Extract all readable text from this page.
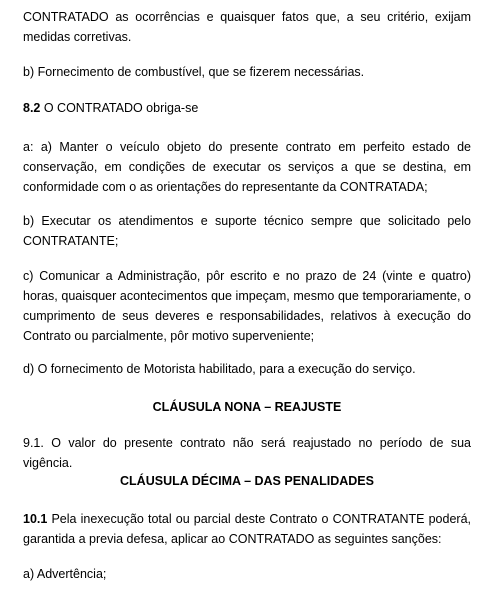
CONTRATADO as ocorrências e quaisquer fatos que, a seu critério, exijam medidas corretivas.

b) Fornecimento de combustível, que se fizerem necessárias.

8.2 O CONTRATADO obriga-se

a: a) Manter o veículo objeto do presente contrato em perfeito estado de conservação, em condições de executar os serviços a que se destina, em conformidade com o as orientações do representante da CONTRATADA;

b) Executar os atendimentos e suporte técnico sempre que solicitado pelo CONTRATANTE;

c) Comunicar a Administração, pôr escrito e no prazo de 24 (vinte e quatro) horas, quaisquer acontecimentos que impeçam, mesmo que temporariamente, o cumprimento de seus deveres e responsabilidades, relativos à execução do Contrato ou parcialmente, pôr motivo superveniente;

d) O fornecimento de Motorista habilitado, para a execução do serviço.

CLÁUSULA NONA – REAJUSTE

9.1. O valor do presente contrato não será reajustado no período de sua vigência.

CLÁUSULA DÉCIMA – DAS PENALIDADES

10.1 Pela inexecução total ou parcial deste Contrato o CONTRATANTE poderá, garantida a previa defesa, aplicar ao CONTRATADO as seguintes sanções:

a) Advertência;
